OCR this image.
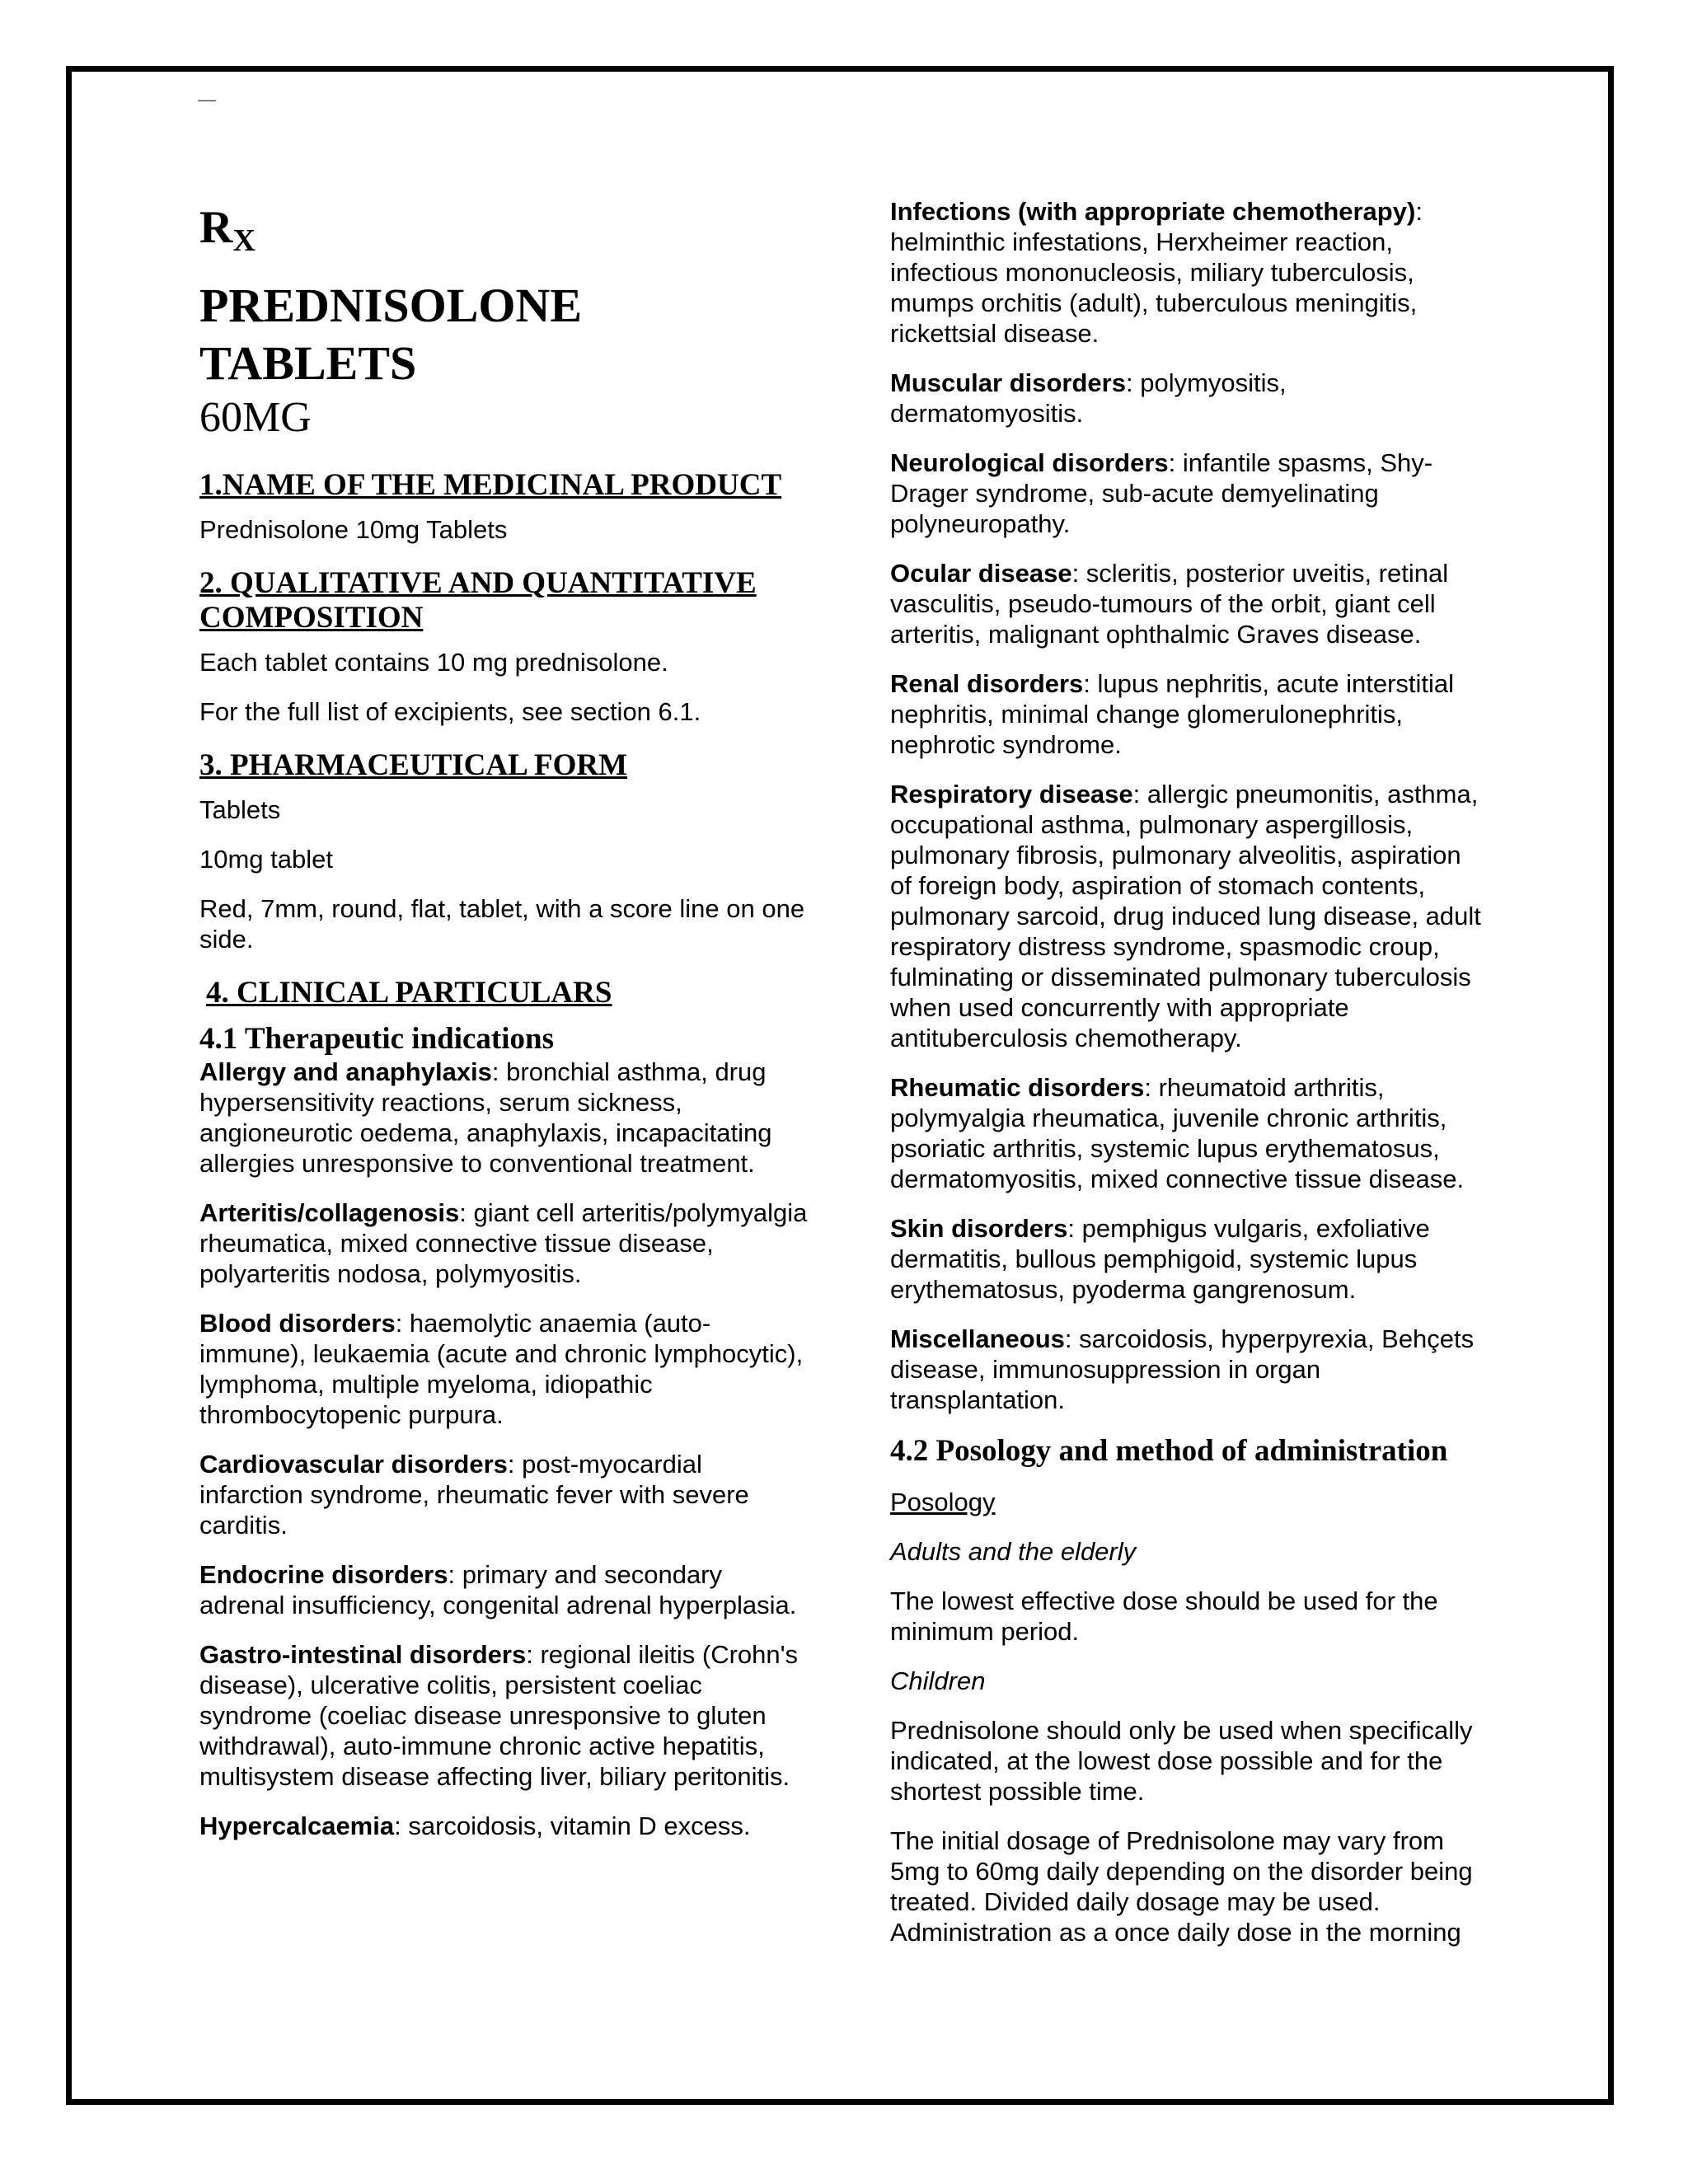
—
$R_X$
PREDNISOLONE
TABLETS
60MG
1.NAME OF THE MEDICINAL PRODUCT

Prednisolone 10mg Tablets

2. QUALITATIVE AND QUANTITATIVE COMPOSITION

Each tablet contains 10 mg prednisolone.

For the full list of excipients, see section 6.1.

3. PHARMACEUTICAL FORM

Tablets

10mg tablet

Red, 7mm, round, flat, tablet, with a score line on one side.

4. CLINICAL PARTICULARS
4.1 Therapeutic indications

Allergy and anaphylaxis: bronchial asthma, drug hypersensitivity reactions, serum sickness, angioneurotic oedema, anaphylaxis, incapacitating allergies unresponsive to conventional treatment.

Arteritis/collagenosis: giant cell arteritis/polymyalgia rheumatica, mixed connective tissue disease, polyarteritis nodosa, polymyositis.

Blood disorders: haemolytic anaemia (auto-immune), leukaemia (acute and chronic lymphocytic), lymphoma, multiple myeloma, idiopathic thrombocytopenic purpura.

Cardiovascular disorders: post-myocardial infarction syndrome, rheumatic fever with severe carditis.

Endocrine disorders: primary and secondary adrenal insufficiency, congenital adrenal hyperplasia.

Gastro-intestinal disorders: regional ileitis (Crohn's disease), ulcerative colitis, persistent coeliac syndrome (coeliac disease unresponsive to gluten withdrawal), auto-immune chronic active hepatitis, multisystem disease affecting liver, biliary peritonitis.

Hypercalcaemia: sarcoidosis, vitamin D excess.

Infections (with appropriate chemotherapy): helminthic infestations, Herxheimer reaction, infectious mononucleosis, miliary tuberculosis, mumps orchitis (adult), tuberculous meningitis, rickettsial disease.

Muscular disorders: polymyositis, dermatomyositis.

Neurological disorders: infantile spasms, Shy-Drager syndrome, sub-acute demyelinating polyneuropathy.

Ocular disease: scleritis, posterior uveitis, retinal vasculitis, pseudo-tumours of the orbit, giant cell arteritis, malignant ophthalmic Graves disease.

Renal disorders: lupus nephritis, acute interstitial nephritis, minimal change glomerulonephritis, nephrotic syndrome.

Respiratory disease: allergic pneumonitis, asthma, occupational asthma, pulmonary aspergillosis, pulmonary fibrosis, pulmonary alveolitis, aspiration of foreign body, aspiration of stomach contents, pulmonary sarcoid, drug induced lung disease, adult respiratory distress syndrome, spasmodic croup, fulminating or disseminated pulmonary tuberculosis when used concurrently with appropriate antituberculosis chemotherapy.

Rheumatic disorders: rheumatoid arthritis, polymyalgia rheumatica, juvenile chronic arthritis, psoriatic arthritis, systemic lupus erythematosus, dermatomyositis, mixed connective tissue disease.

Skin disorders: pemphigus vulgaris, exfoliative dermatitis, bullous pemphigoid, systemic lupus erythematosus, pyoderma gangrenosum.

Miscellaneous: sarcoidosis, hyperpyrexia, Behçets disease, immunosuppression in organ transplantation.

4.2 Posology and method of administration

Posology

Adults and the elderly

The lowest effective dose should be used for the minimum period.

Children

Prednisolone should only be used when specifically indicated, at the lowest dose possible and for the shortest possible time.

The initial dosage of Prednisolone may vary from 5mg to 60mg daily depending on the disorder being treated. Divided daily dosage may be used. Administration as a once daily dose in the morning
